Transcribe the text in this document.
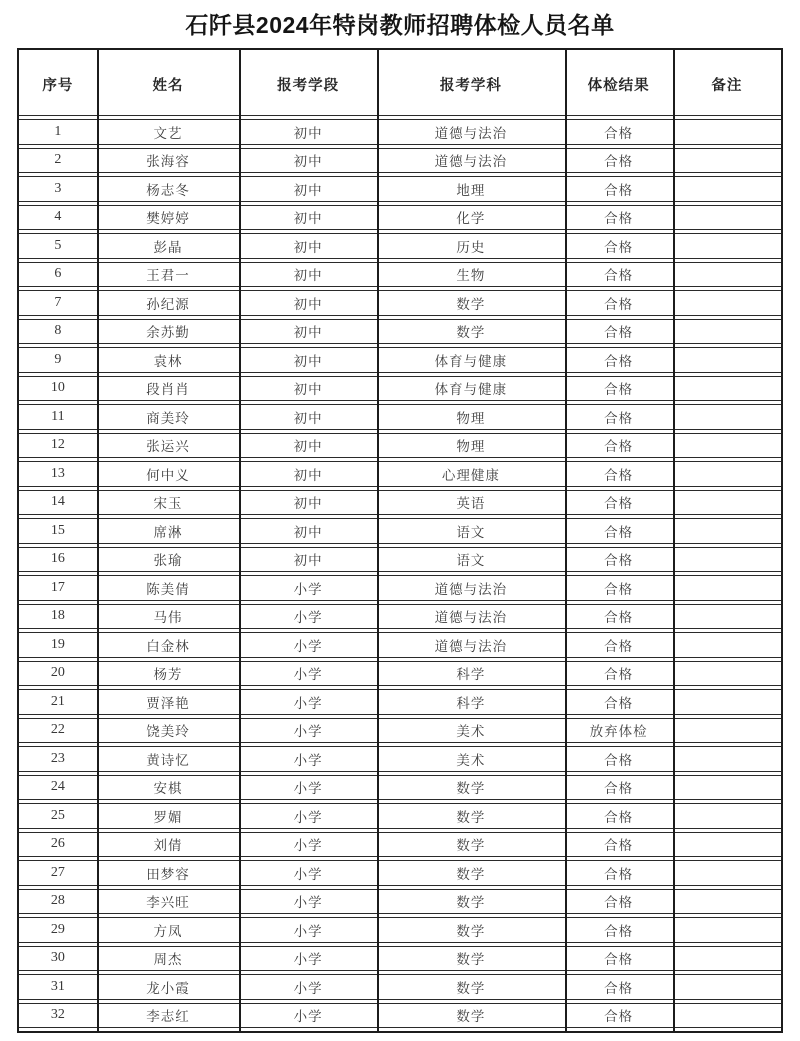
石阡县2024年特岗教师招聘体检人员名单
序号	姓名	报考学段	报考学科	体检结果	备注
1	文艺	初中	道德与法治	合格	
2	张海容	初中	道德与法治	合格	
3	杨志冬	初中	地理	合格	
4	樊婷婷	初中	化学	合格	
5	彭晶	初中	历史	合格	
6	王君一	初中	生物	合格	
7	孙纪源	初中	数学	合格	
8	余苏勤	初中	数学	合格	
9	袁林	初中	体育与健康	合格	
10	段肖肖	初中	体育与健康	合格	
11	商美玲	初中	物理	合格	
12	张运兴	初中	物理	合格	
13	何中义	初中	心理健康	合格	
14	宋玉	初中	英语	合格	
15	席淋	初中	语文	合格	
16	张瑜	初中	语文	合格	
17	陈美倩	小学	道德与法治	合格	
18	马伟	小学	道德与法治	合格	
19	白金林	小学	道德与法治	合格	
20	杨芳	小学	科学	合格	
21	贾泽艳	小学	科学	合格	
22	饶美玲	小学	美术	放弃体检	
23	黄诗忆	小学	美术	合格	
24	安棋	小学	数学	合格	
25	罗媚	小学	数学	合格	
26	刘倩	小学	数学	合格	
27	田梦容	小学	数学	合格	
28	李兴旺	小学	数学	合格	
29	方凤	小学	数学	合格	
30	周杰	小学	数学	合格	
31	龙小霞	小学	数学	合格	
32	李志红	小学	数学	合格	
